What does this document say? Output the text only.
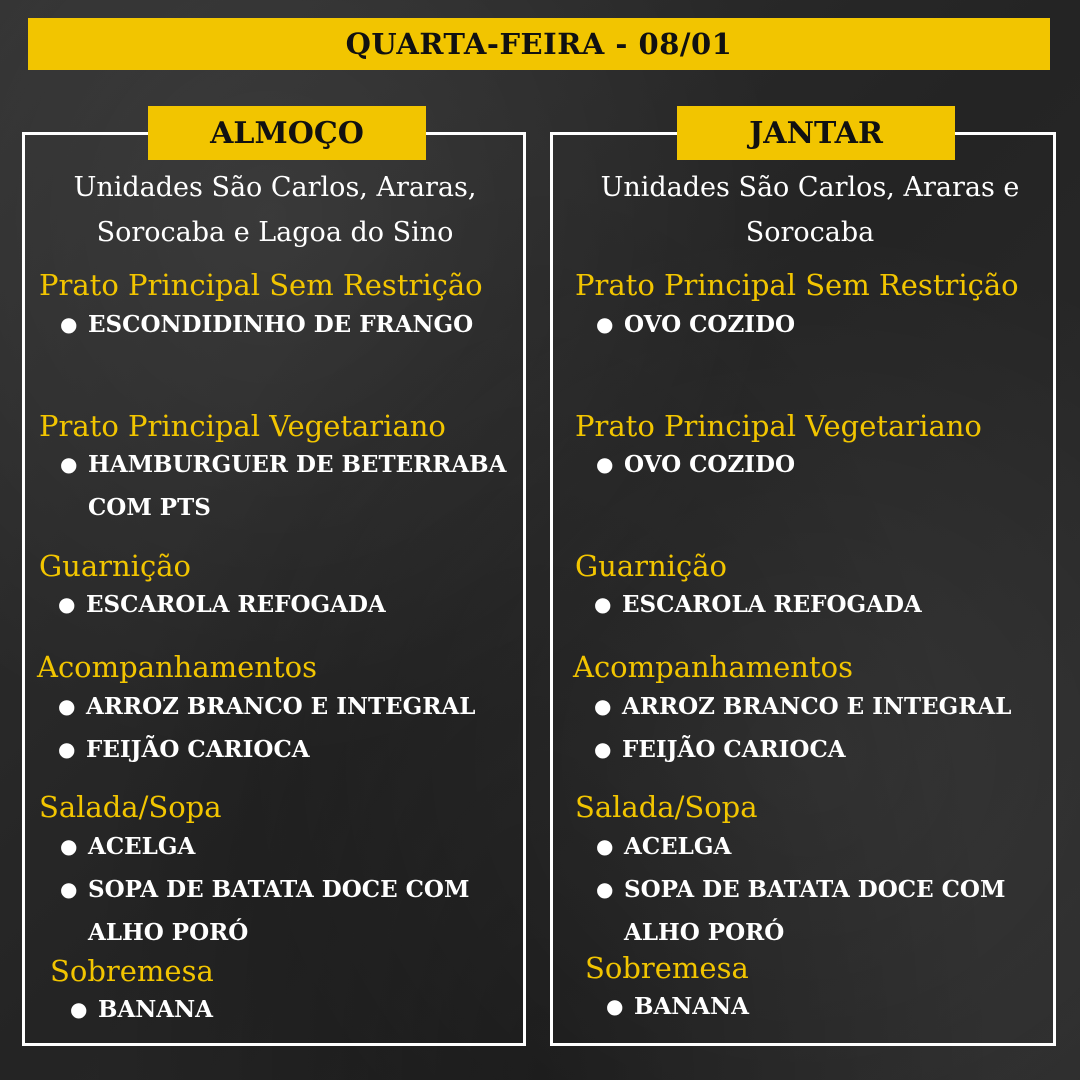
QUARTA-FEIRA - 08/01
ALMOÇO
Unidades São Carlos, Araras,
Sorocaba e Lagoa do Sino
Prato Principal Sem Restrição
● ESCONDIDINHO DE FRANGO
Prato Principal Vegetariano
● HAMBURGUER DE BETERRABA
COM PTS
Guarnição
● ESCAROLA REFOGADA
Acompanhamentos
● ARROZ BRANCO E INTEGRAL
● FEIJÃO CARIOCA
Salada/Sopa
● ACELGA
● SOPA DE BATATA DOCE COM
ALHO PORÓ
Sobremesa
● BANANA
JANTAR
Unidades São Carlos, Araras e
Sorocaba
Prato Principal Sem Restrição
● OVO COZIDO
Prato Principal Vegetariano
● OVO COZIDO
Guarnição
● ESCAROLA REFOGADA
Acompanhamentos
● ARROZ BRANCO E INTEGRAL
● FEIJÃO CARIOCA
Salada/Sopa
● ACELGA
● SOPA DE BATATA DOCE COM
ALHO PORÓ
Sobremesa
● BANANA
